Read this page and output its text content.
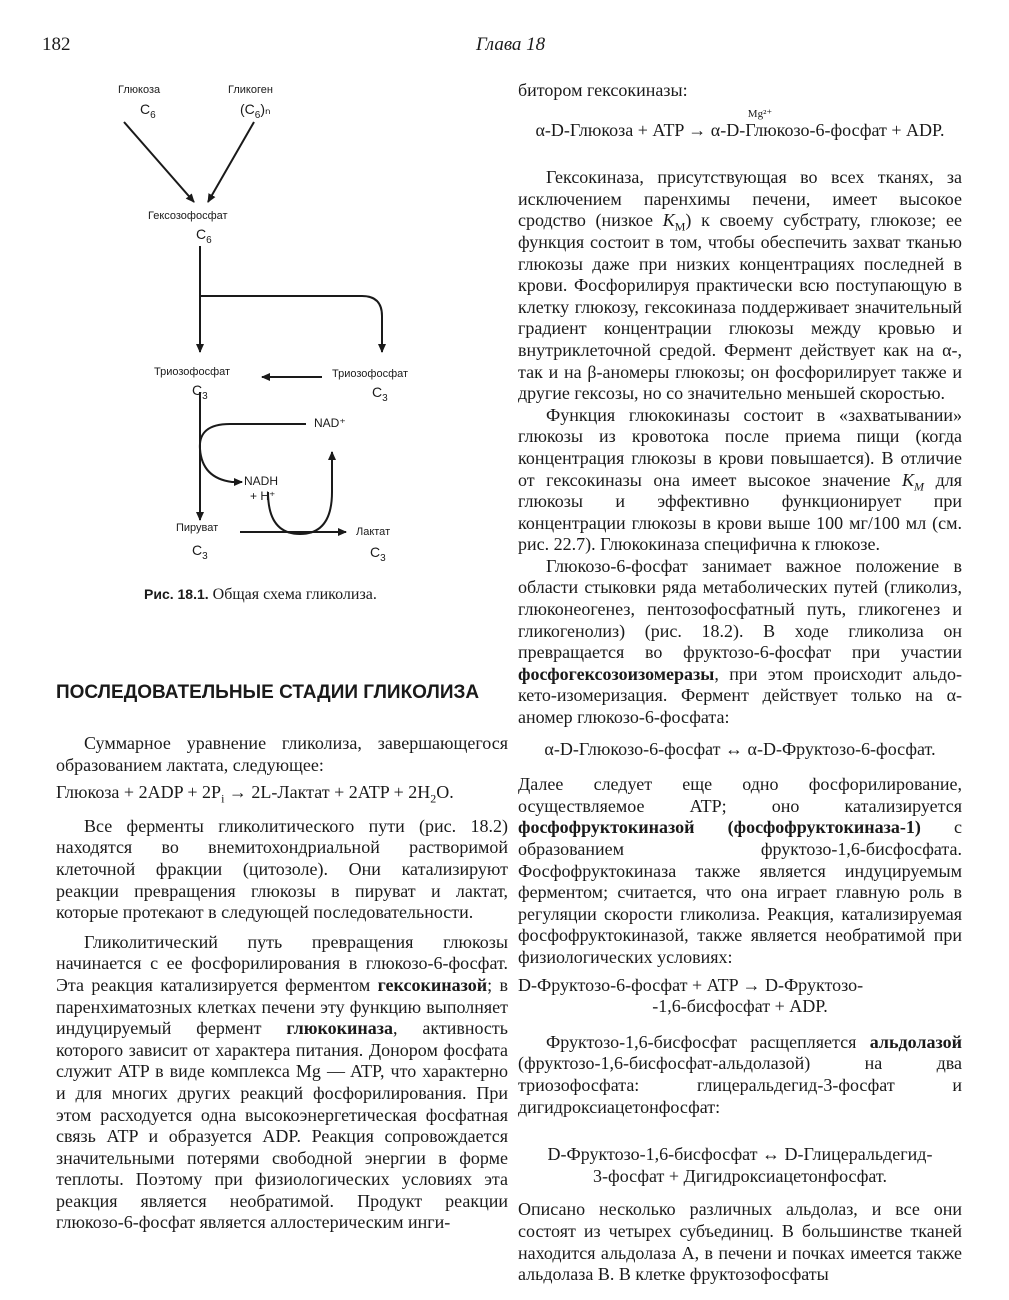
182	Глава 18
Глюкоза
$C_6$
Гликоген
$(C_6)_n$
Гексозофосфат
$C_6$
Триозофосфат
$C_3$
Триозофосфат
$C_3$
NAD⁺
NADH
+ H⁺
Пируват
$C_3$
Лактат
$C_3$
Рис. 18.1. Общая схема гликолиза.
ПОСЛЕДОВАТЕЛЬНЫЕ СТАДИИ ГЛИКОЛИЗА

Суммарное уравнение гликолиза, завершающегося образованием лактата, следующее:

Глюкоза + $2ADP + 2P_i$ → 2L-Лактат + $2ATP + 2H_2O$.

Все ферменты гликолитического пути (рис. 18.2) находятся во внемитохондриальной растворимой клеточной фракции (цитозоле). Они катализируют реакции превращения глюкозы в пируват и лактат, которые протекают в следующей последовательности.

Гликолитический путь превращения глюкозы начинается с ее фосфорилирования в глюкозо-6-фосфат. Эта реакция катализируется ферментом гексокиназой; в паренхиматозных клетках печени эту функцию выполняет индуцируемый фермент глюкокиназа, активность которого зависит от характера питания. Донором фосфата служит ATP в виде комплекса Mg — ATP, что характерно и для многих других реакций фосфорилирования. При этом расходуется одна высокоэнергетическая фосфатная связь ATP и образуется ADP. Реакция сопровождается значительными потерями свободной энергии в форме теплоты. Поэтому при физиологических условиях эта реакция является необратимой. Продукт реакции глюкозо-6-фосфат является аллостерическим инги-

битором гексокиназы:

Mg²⁺

α-D-Глюкоза + ATP → α-D-Глюкозо-6-фосфат + ADP.

Гексокиназа, присутствующая во всех тканях, за исключением паренхимы печени, имеет высокое сродство (низкое $K_M$) к своему субстрату, глюкозе; ее функция состоит в том, чтобы обеспечить захват тканью глюкозы даже при низких концентрациях последней в крови. Фосфорилируя практически всю поступающую в клетку глюкозу, гексокиназа поддерживает значительный градиент концентрации глюкозы между кровью и внутриклеточной средой. Фермент действует как на α-, так и на β-аномеры глюкозы; он фосфорилирует также и другие гексозы, но со значительно меньшей скоростью.

Функция глюкокиназы состоит в «захватывании» глюкозы из кровотока после приема пищи (когда концентрация глюкозы в крови повышается). В отличие от гексокиназы она имеет высокое значение $K_M$ для глюкозы и эффективно функционирует при концентрации глюкозы в крови выше 100 мг/100 мл (см. рис. 22.7). Глюкокиназа специфична к глюкозе.

Глюкозо-6-фосфат занимает важное положение в области стыковки ряда метаболических путей (гликолиз, глюконеогенез, пентозофосфатный путь, гликогенез и гликогенолиз) (рис. 18.2). В ходе гликолиза он превращается во фруктозо-6-фосфат при участии фосфогексозоизомеразы, при этом происходит альдо-кето-изомеризация. Фермент действует только на α-аномер глюкозо-6-фосфата:

α-D-Глюкозо-6-фосфат ↔ α-D-Фруктозо-6-фосфат.

Далее следует еще одно фосфорилирование, осуществляемое ATP; оно катализируется фосфофруктокиназой (фосфофруктокиназа-1) с образованием фруктозо-1,6-бисфосфата. Фосфофруктокиназа также является индуцируемым ферментом; считается, что она играет главную роль в регуляции скорости гликолиза. Реакция, катализируемая фосфофруктокиназой, также является необратимой при физиологических условиях:

D-Фруктозо-6-фосфат + ATP → D-Фруктозо-

-1,6-бисфосфат + ADP.

Фруктозо-1,6-бисфосфат расщепляется альдолазой (фруктозо-1,6-бисфосфат-альдолазой) на два триозофосфата: глицеральдегид-3-фосфат и дигидроксиацетонфосфат:

D-Фруктозо-1,6-бисфосфат ↔ D-Глицеральдегид-

3-фосфат + Дигидроксиацетонфосфат.

Описано несколько различных альдолаз, и все они состоят из четырех субъединиц. В большинстве тканей находится альдолаза A, в печени и почках имеется также альдолаза B. В клетке фруктозофосфаты
